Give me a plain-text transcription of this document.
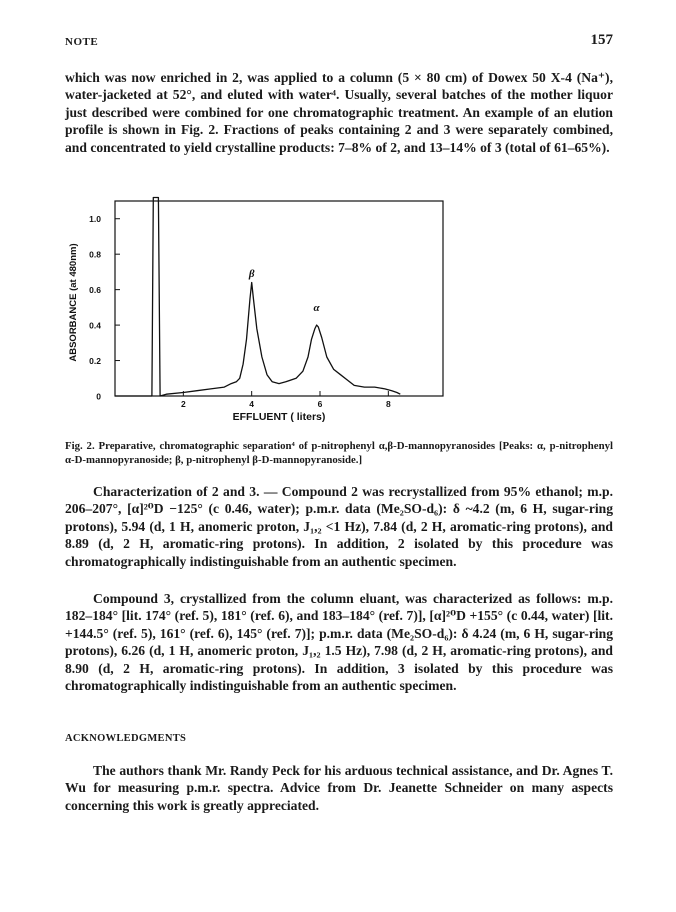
NOTE	157

which was now enriched in 2, was applied to a column (5 × 80 cm) of Dowex 50 X-4 (Na⁺), water-jacketed at 52°, and eluted with water⁴. Usually, several batches of the mother liquor just described were combined for one chromatographic treatment. An example of an elution profile is shown in Fig. 2. Fractions of peaks containing 2 and 3 were separately combined, and concentrated to yield crystalline products: 7–8% of 2, and 13–14% of 3 (total of 61–65%).

0
0.2
0.4
0.6
0.8
1.0
2	4	6	8
β
α
EFFLUENT ( liters)
ABSORBANCE (at 480nm)

Fig. 2. Preparative, chromatographic separation⁴ of p-nitrophenyl α,β-D-mannopyranosides [Peaks: α, p-nitrophenyl α-D-mannopyranoside; β, p-nitrophenyl β-D-mannopyranoside.]

Characterization of 2 and 3. — Compound 2 was recrystallized from 95% ethanol; m.p. 206–207°, [α]²⁰D −125° (c 0.46, water); p.m.r. data (Me₂SO-d₆): δ ~4.2 (m, 6 H, sugar-ring protons), 5.94 (d, 1 H, anomeric proton, J₁,₂ <1 Hz), 7.84 (d, 2 H, aromatic-ring protons), and 8.89 (d, 2 H, aromatic-ring protons). In addition, 2 isolated by this procedure was chromatographically indistinguishable from an authentic specimen.

Compound 3, crystallized from the column eluant, was characterized as follows: m.p. 182–184° [lit. 174° (ref. 5), 181° (ref. 6), and 183–184° (ref. 7)], [α]²⁰D +155° (c 0.44, water) [lit. +144.5° (ref. 5), 161° (ref. 6), 145° (ref. 7)]; p.m.r. data (Me₂SO-d₆): δ 4.24 (m, 6 H, sugar-ring protons), 6.26 (d, 1 H, anomeric proton, J₁,₂ 1.5 Hz), 7.98 (d, 2 H, aromatic-ring protons), and 8.90 (d, 2 H, aromatic-ring protons). In addition, 3 isolated by this procedure was chromatographically indistinguishable from an authentic specimen.

ACKNOWLEDGMENTS

The authors thank Mr. Randy Peck for his arduous technical assistance, and Dr. Agnes T. Wu for measuring p.m.r. spectra. Advice from Dr. Jeanette Schneider on many aspects concerning this work is greatly appreciated.
